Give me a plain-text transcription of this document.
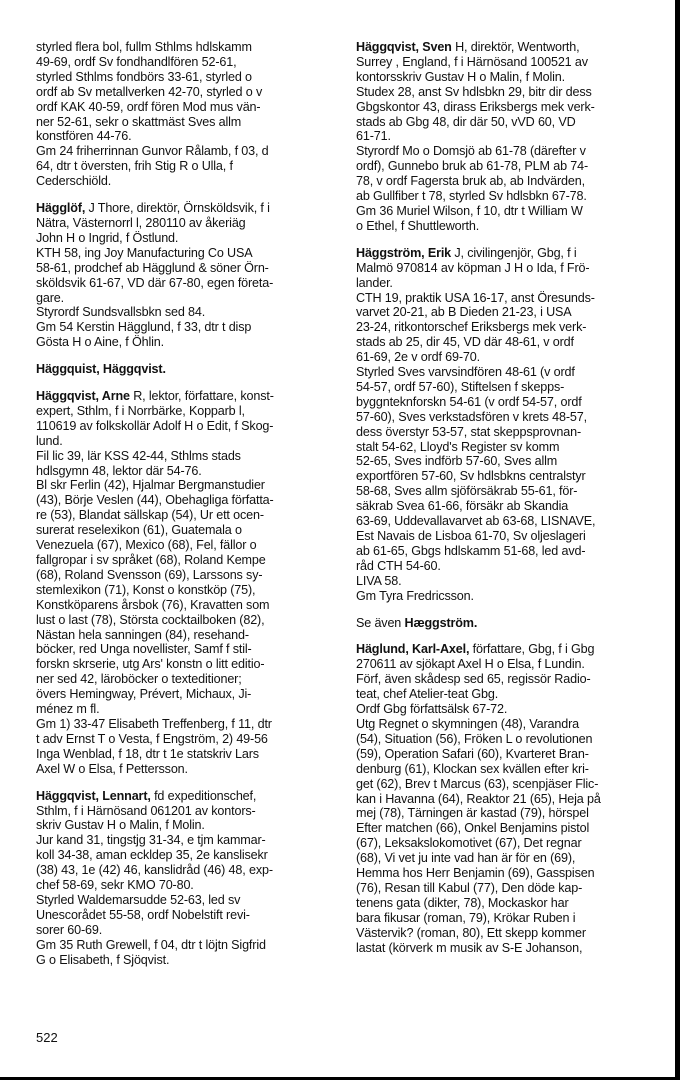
styrled flera bol, fullm Sthlms hdlskamm
49-69, ordf Sv fondhandlfören 52-61,
styrled Sthlms fondbörs 33-61, styrled o
ordf ab Sv metallverken 42-70, styrled o v
ordf KAK 40-59, ordf fören Mod mus vän-
ner 52-61, sekr o skattmäst Sves allm
konstfören 44-76.
Gm 24 friherrinnan Gunvor Rålamb, f 03, d
64, dtr t översten, frih Stig R o Ulla, f
Cederschiöld.
Hägglöf, J Thore, direktör, Örnsköldsvik, f i
Nätra, Västernorrl l, 280110 av åkeriäg
John H o Ingrid, f Östlund.
KTH 58, ing Joy Manufacturing Co USA
58-61, prodchef ab Hägglund & söner Örn-
sköldsvik 61-67, VD där 67-80, egen företa-
gare.
Styrordf Sundsvallsbkn sed 84.
Gm 54 Kerstin Hägglund, f 33, dtr t disp
Gösta H o Aine, f Öhlin.
Häggquist, Häggqvist.
Häggqvist, Arne R, lektor, författare, konst-
expert, Sthlm, f i Norrbärke, Kopparb l,
110619 av folkskollär Adolf H o Edit, f Skog-
lund.
Fil lic 39, lär KSS 42-44, Sthlms stads
hdlsgymn 48, lektor där 54-76.
Bl skr Ferlin (42), Hjalmar Bergmanstudier
(43), Börje Veslen (44), Obehagliga författa-
re (53), Blandat sällskap (54), Ur ett ocen-
surerat reselexikon (61), Guatemala o
Venezuela (67), Mexico (68), Fel, fällor o
fallgropar i sv språket (68), Roland Kempe
(68), Roland Svensson (69), Larssons sy-
stemlexikon (71), Konst o konstköp (75),
Konstköparens årsbok (76), Kravatten som
lust o last (78), Största cocktailboken (82),
Nästan hela sanningen (84), resehand-
böcker, red Unga novellister, Samf f stil-
forskn skrserie, utg Ars' konstn o litt editio-
ner sed 42, läroböcker o texteditioner;
övers Hemingway, Prévert, Michaux, Ji-
ménez m fl.
Gm 1) 33-47 Elisabeth Treffenberg, f 11, dtr
t adv Ernst T o Vesta, f Engström, 2) 49-56
Inga Wenblad, f 18, dtr t 1e statskriv Lars
Axel W o Elsa, f Pettersson.
Häggqvist, Lennart, fd expeditionschef,
Sthlm, f i Härnösand 061201 av kontors-
skriv Gustav H o Malin, f Molin.
Jur kand 31, tingstjg 31-34, e tjm kammar-
koll 34-38, aman eckldep 35, 2e kanslisekr
(38) 43, 1e (42) 46, kanslidråd (46) 48, exp-
chef 58-69, sekr KMO 70-80.
Styrled Waldemarsudde 52-63, led sv
Unescorådet 55-58, ordf Nobelstift revi-
sorer 60-69.
Gm 35 Ruth Grewell, f 04, dtr t löjtn Sigfrid
G o Elisabeth, f Sjöqvist.
Häggqvist, Sven H, direktör, Wentworth,
Surrey , England, f i Härnösand 100521 av
kontorsskriv Gustav H o Malin, f Molin.
Studex 28, anst Sv hdlsbkn 29, bitr dir dess
Gbgskontor 43, dirass Eriksbergs mek verk-
stads ab Gbg 48, dir där 50, vVD 60, VD
61-71.
Styrordf Mo o Domsjö ab 61-78 (därefter v
ordf), Gunnebo bruk ab 61-78, PLM ab 74-
78, v ordf Fagersta bruk ab, ab Indvärden,
ab Gullfiber t 78, styrled Sv hdlsbkn 67-78.
Gm 36 Muriel Wilson, f 10, dtr t William W
o Ethel, f Shuttleworth.
Häggström, Erik J, civilingenjör, Gbg, f i
Malmö 970814 av köpman J H o Ida, f Frö-
lander.
CTH 19, praktik USA 16-17, anst Öresunds-
varvet 20-21, ab B Dieden 21-23, i USA
23-24, ritkontorschef Eriksbergs mek verk-
stads ab 25, dir 45, VD där 48-61, v ordf
61-69, 2e v ordf 69-70.
Styrled Sves varvsindfören 48-61 (v ordf
54-57, ordf 57-60), Stiftelsen f skepps-
byggnteknforskn 54-61 (v ordf 54-57, ordf
57-60), Sves verkstadsfören v krets 48-57,
dess överstyr 53-57, stat skeppsprovnan-
stalt 54-62, Lloyd's Register sv komm
52-65, Sves indförb 57-60, Sves allm
exportfören 57-60, Sv hdlsbkns centralstyr
58-68, Sves allm sjöförsäkrab 55-61, för-
säkrab Svea 61-66, försäkr ab Skandia
63-69, Uddevallavarvet ab 63-68, LISNAVE,
Est Navais de Lisboa 61-70, Sv oljeslageri
ab 61-65, Gbgs hdlskamm 51-68, led avd-
råd CTH 54-60.
LIVA 58.
Gm Tyra Fredricsson.
Se även Hæggström.
Häglund, Karl-Axel, författare, Gbg, f i Gbg
270611 av sjökapt Axel H o Elsa, f Lundin.
Förf, även skådesp sed 65, regissör Radio-
teat, chef Atelier-teat Gbg.
Ordf Gbg författsälsk 67-72.
Utg Regnet o skymningen (48), Varandra
(54), Situation (56), Fröken L o revolutionen
(59), Operation Safari (60), Kvarteret Bran-
denburg (61), Klockan sex kvällen efter kri-
get (62), Brev t Marcus (63), scenpjäser Flic-
kan i Havanna (64), Reaktor 21 (65), Heja på
mej (78), Tärningen är kastad (79), hörspel
Efter matchen (66), Onkel Benjamins pistol
(67), Leksakslokomotivet (67), Det regnar
(68), Vi vet ju inte vad han är för en (69),
Hemma hos Herr Benjamin (69), Gasspisen
(76), Resan till Kabul (77), Den döde kap-
tenens gata (dikter, 78), Mockaskor har
bara fikusar (roman, 79), Krökar Ruben i
Västervik? (roman, 80), Ett skepp kommer
lastat (körverk m musik av S-E Johanson,
522
